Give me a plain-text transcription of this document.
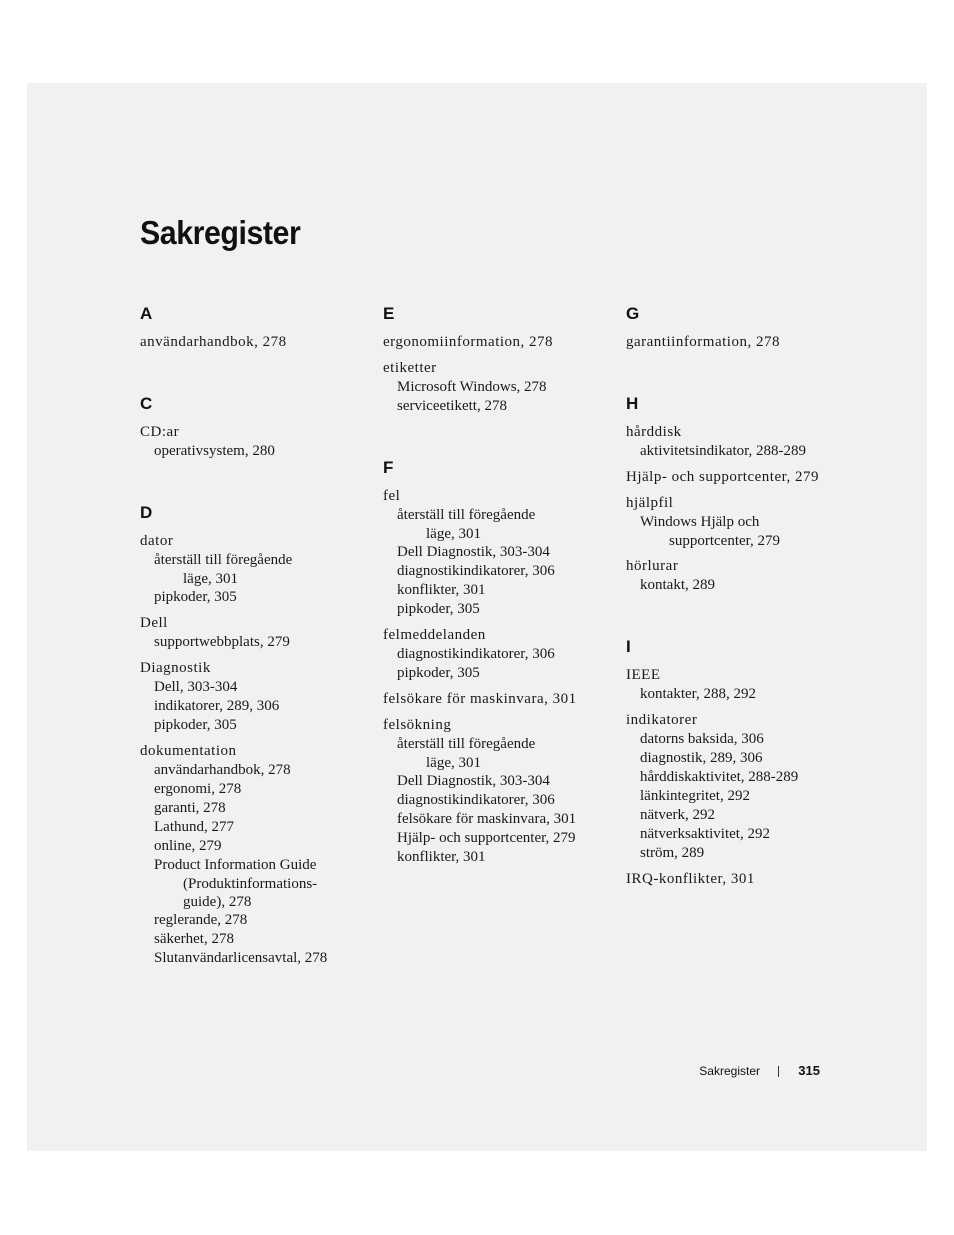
Sakregister
A
användarhandbok, 278
C
CD:ar
operativsystem, 280
D
dator
återställ till föregående
läge, 301
pipkoder, 305
Dell
supportwebbplats, 279
Diagnostik
Dell, 303-304
indikatorer, 289, 306
pipkoder, 305
dokumentation
användarhandbok, 278
ergonomi, 278
garanti, 278
Lathund, 277
online, 279
Product Information Guide
(Produktinformations-
guide), 278
reglerande, 278
säkerhet, 278
Slutanvändarlicensavtal, 278
E
ergonomiinformation, 278
etiketter
Microsoft Windows, 278
serviceetikett, 278
F
fel
återställ till föregående
läge, 301
Dell Diagnostik, 303-304
diagnostikindikatorer, 306
konflikter, 301
pipkoder, 305
felmeddelanden
diagnostikindikatorer, 306
pipkoder, 305
felsökare för maskinvara, 301
felsökning
återställ till föregående
läge, 301
Dell Diagnostik, 303-304
diagnostikindikatorer, 306
felsökare för maskinvara, 301
Hjälp- och supportcenter, 279
konflikter, 301
G
garantiinformation, 278
H
hårddisk
aktivitetsindikator, 288-289
Hjälp- och supportcenter, 279
hjälpfil
Windows Hjälp och
supportcenter, 279
hörlurar
kontakt, 289
I
IEEE
kontakter, 288, 292
indikatorer
datorns baksida, 306
diagnostik, 289, 306
hårddiskaktivitet, 288-289
länkintegritet, 292
nätverk, 292
nätverksaktivitet, 292
ström, 289
IRQ-konflikter, 301
Sakregister	315
